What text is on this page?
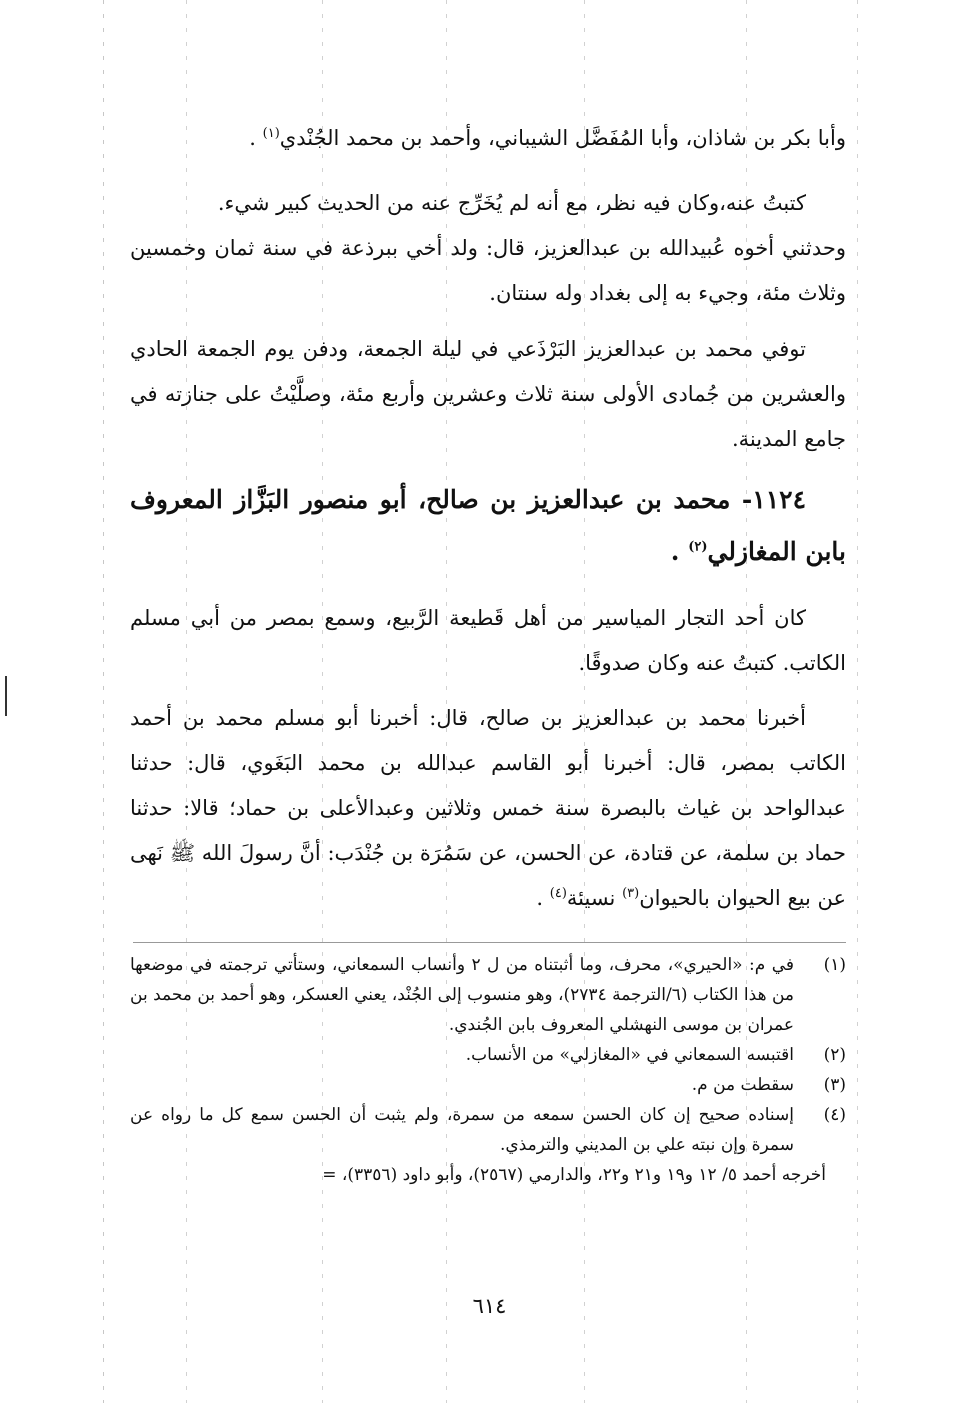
وأبا بكر بن شاذان، وأبا المُفَضَّل الشيباني، وأحمد بن محمد الجُنْدي$^{(١)}$ .

كتبتُ عنه،وكان فيه نظر، مع أنه لم يُخَرِّج عنه من الحديث كبير شيء.

وحدثني أخوه عُبيدالله بن عبدالعزيز، قال: ولد أخي ببرذعة في سنة ثمان وخمسين وثلاث مئة، وجيء به إلى بغداد وله سنتان.

توفي محمد بن عبدالعزيز البَرْذَعي في ليلة الجمعة، ودفن يوم الجمعة الحادي والعشرين من جُمادى الأولى سنة ثلاث وعشرين وأربع مئة، وصلَّيْتُ على جنازته في جامع المدينة.

١١٢٤- محمد بن عبدالعزيز بن صالح، أبو منصور البَزَّاز المعروف بابن المغازلي$^{(٢)}$ .

كان أحد التجار المياسير من أهل قَطيعة الرَّبيع، وسمع بمصر من أبي مسلم الكاتب. كتبتُ عنه وكان صدوقًا.

أخبرنا محمد بن عبدالعزيز بن صالح، قال: أخبرنا أبو مسلم محمد بن أحمد الكاتب بمصر، قال: أخبرنا أبو القاسم عبدالله بن محمد البَغَوي، قال: حدثنا عبدالواحد بن غياث بالبصرة سنة خمس وثلاثين وعبدالأعلى بن حماد؛ قالا: حدثنا حماد بن سلمة، عن قتادة، عن الحسن، عن سَمُرَة بن جُنْدَب: أنَّ رسولَ الله ﷺ نَهى عن بيع الحيوان بالحيوان$^{(٣)}$ نسيئة$^{(٤)}$ .

(١)
في م: «الحيري»، محرف، وما أثبتناه من ل ٢ وأنساب السمعاني، وستأتي ترجمته في موضعها من هذا الكتاب (٦/الترجمة ٢٧٣٤)، وهو منسوب إلى الجُنْد، يعني العسكر، وهو أحمد بن محمد بن عمران بن موسى النهشلي المعروف بابن الجُندي.
(٢)
اقتبسه السمعاني في «المغازلي» من الأنساب.
(٣)
سقطت من م.
(٤)
إسناده صحيح إن كان الحسن سمعه من سمرة، ولم يثبت أن الحسن سمع كل ما رواه عن سمرة وإن نبته علي بن المديني والترمذي.
أخرجه أحمد ٥/ ١٢ و١٩ و٢١ و٢٢، والدارمي (٢٥٦٧)، وأبو داود (٣٣٥٦)، =
٦١٤
